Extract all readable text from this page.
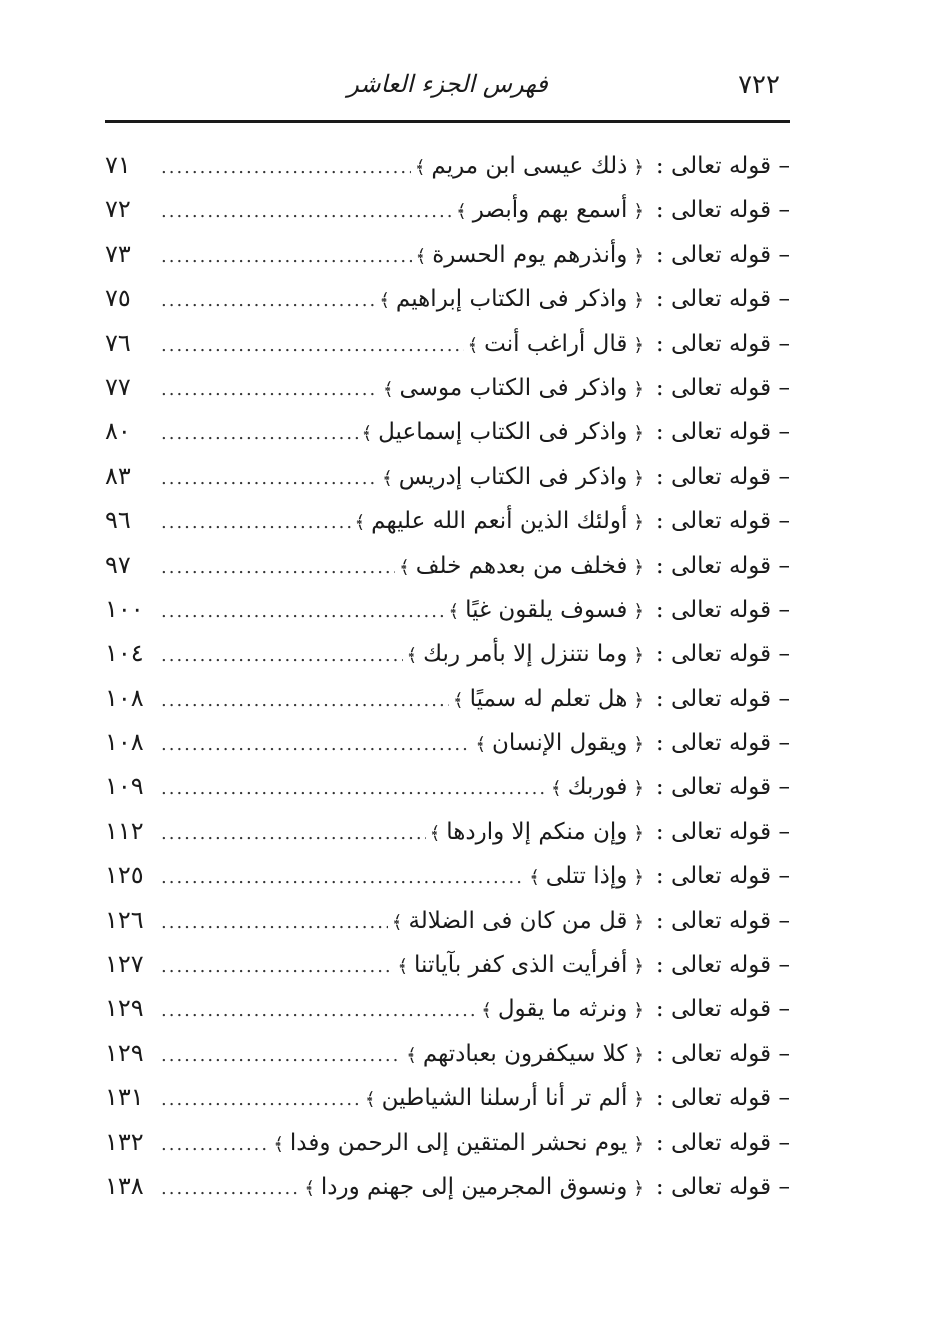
٧٢٢
فهرس الجزء العاشر
– قوله تعالى :
﴿
ذلك عيسى ابن مريم
﴾
.....
٧١
– قوله تعالى :
﴿
أسمع بهم وأبصر
﴾
.....
٧٢
– قوله تعالى :
﴿
وأنذرهم يوم الحسرة
﴾
.....
٧٣
– قوله تعالى :
﴿
واذكر فى الكتاب إبراهيم
﴾
.....
٧٥
– قوله تعالى :
﴿
قال أراغب أنت
﴾
.....
٧٦
– قوله تعالى :
﴿
واذكر فى الكتاب موسى
﴾
.....
٧٧
– قوله تعالى :
﴿
واذكر فى الكتاب إسماعيل
﴾
.....
٨٠
– قوله تعالى :
﴿
واذكر فى الكتاب إدريس
﴾
.....
٨٣
– قوله تعالى :
﴿
أولئك الذين أنعم الله عليهم
﴾
.....
٩٦
– قوله تعالى :
﴿
فخلف من بعدهم خلف
﴾
.....
٩٧
– قوله تعالى :
﴿
فسوف يلقون غيًا
﴾
.....
١٠٠
– قوله تعالى :
﴿
وما نتنزل إلا بأمر ربك
﴾
.....
١٠٤
– قوله تعالى :
﴿
هل تعلم له سميًا
﴾
.....
١٠٨
– قوله تعالى :
﴿
ويقول الإنسان
﴾
.....
١٠٨
– قوله تعالى :
﴿
فوربك
﴾
.....
١٠٩
– قوله تعالى :
﴿
وإن منكم إلا واردها
﴾
.....
١١٢
– قوله تعالى :
﴿
وإذا تتلى
﴾
.....
١٢٥
– قوله تعالى :
﴿
قل من كان فى الضلالة
﴾
.....
١٢٦
– قوله تعالى :
﴿
أفرأيت الذى كفر بآياتنا
﴾
.....
١٢٧
– قوله تعالى :
﴿
ونرثه ما يقول
﴾
.....
١٢٩
– قوله تعالى :
﴿
كلا سيكفرون بعبادتهم
﴾
.....
١٢٩
– قوله تعالى :
﴿
ألم تر أنا أرسلنا الشياطين
﴾
.....
١٣١
– قوله تعالى :
﴿
يوم نحشر المتقين إلى الرحمن وفدا
﴾
.....
١٣٢
– قوله تعالى :
﴿
ونسوق المجرمين إلى جهنم وردا
﴾
.....
١٣٨
